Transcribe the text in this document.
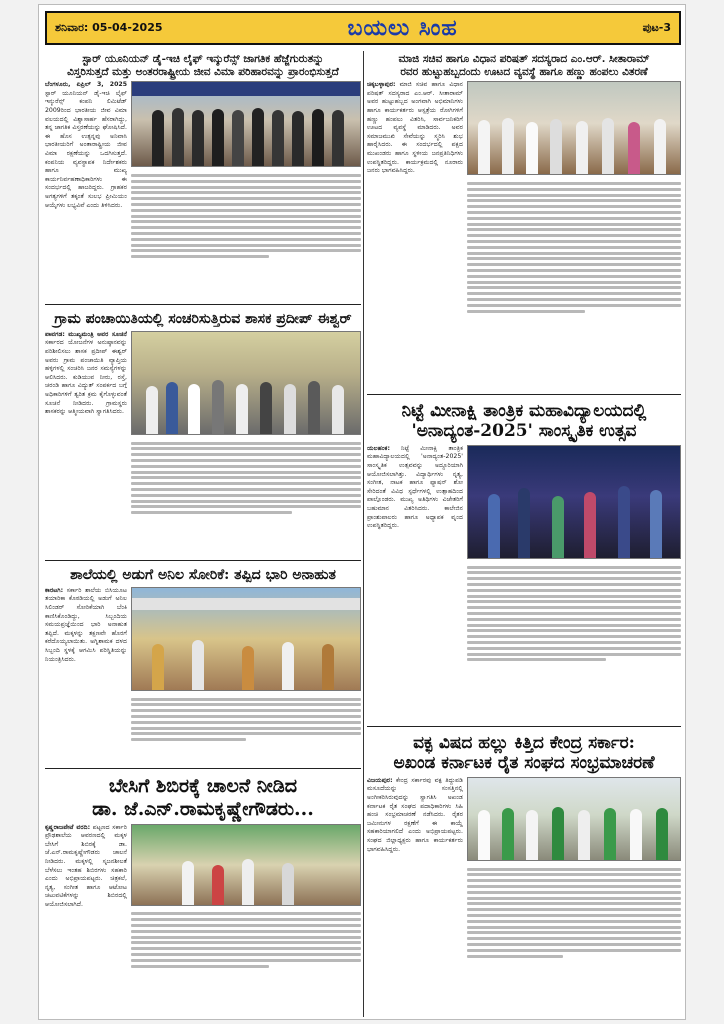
ಶನಿವಾರ: 05-04-2025	ಬಯಲು ಸಿಂಹ	ಪುಟ-3
ಸ್ಟಾರ್ ಯೂನಿಯನ್ ಡೈ-ಇಚಿ ಲೈಫ್ ಇನ್ಶುರೆನ್ಸ್ ಜಾಗತಿಕ ಹೆಜ್ಜೆಗುರುತನ್ನು
ವಿಸ್ತರಿಸುತ್ತದೆ ಮತ್ತು ಅಂತರರಾಷ್ಟ್ರೀಯ ಜೀವ ವಿಮಾ ಪರಿಹಾರವನ್ನು ಪ್ರಾರಂಭಿಸುತ್ತದೆ
ಬೆಂಗಳೂರು, ಏಪ್ರಿಲ್ 3, 2025 ಸ್ಟಾರ್ ಯೂನಿಯನ್ ಡೈ-ಇಚಿ ಲೈಫ್ ಇನ್ಶುರೆನ್ಸ್ ಕಂಪನಿ ಲಿಮಿಟೆಡ್ 2009ರಿಂದ ಭಾರತೀಯ ಜೀವ ವಿಮಾ ವಲಯದಲ್ಲಿ ವಿಶ್ವಾಸಾರ್ಹ ಹೆಸರಾಗಿದ್ದು, ತನ್ನ ಜಾಗತಿಕ ವಿಸ್ತರಣೆಯನ್ನು ಘೋಷಿಸಿದೆ. ಈ ಹೊಸ ಉತ್ಪನ್ನವು ಅನಿವಾಸಿ ಭಾರತೀಯರಿಗೆ ಅಂತಾರಾಷ್ಟ್ರೀಯ ಜೀವ ವಿಮಾ ರಕ್ಷಣೆಯನ್ನು ಒದಗಿಸುತ್ತದೆ. ಕಂಪನಿಯ ವ್ಯವಸ್ಥಾಪಕ ನಿರ್ದೇಶಕರು ಹಾಗೂ ಮುಖ್ಯ ಕಾರ್ಯನಿರ್ವಹಣಾಧಿಕಾರಿಗಳು ಈ ಸಂದರ್ಭದಲ್ಲಿ ಹಾಜರಿದ್ದರು. ಗ್ರಾಹಕರ ಅಗತ್ಯಗಳಿಗೆ ತಕ್ಕಂತೆ ಸುಲಭ ಪ್ರೀಮಿಯಂ ಆಯ್ಕೆಗಳು ಲಭ್ಯವಿವೆ ಎಂದು ತಿಳಿಸಿದರು.
ಗ್ರಾಮ ಪಂಚಾಯಿತಿಯಲ್ಲಿ ಸಂಚರಿಸುತ್ತಿರುವ ಶಾಸಕ ಪ್ರದೀಪ್ ಈಶ್ವರ್
ಪಾವಗಡ: ಮುಖ್ಯಮಂತ್ರಿ ಅವರ ಸೂಚನೆ ಸರ್ಕಾರದ ಯೋಜನೆಗಳ ಅನುಷ್ಠಾನವನ್ನು ಪರಿಶೀಲಿಸಲು ಶಾಸಕ ಪ್ರದೀಪ್ ಈಶ್ವರ್ ಅವರು ಗ್ರಾಮ ಪಂಚಾಯಿತಿ ವ್ಯಾಪ್ತಿಯ ಹಳ್ಳಿಗಳಲ್ಲಿ ಸಂಚರಿಸಿ ಜನರ ಸಮಸ್ಯೆಗಳನ್ನು ಆಲಿಸಿದರು. ಕುಡಿಯುವ ನೀರು, ರಸ್ತೆ, ಚರಂಡಿ ಹಾಗೂ ವಿದ್ಯುತ್ ಸಂಪರ್ಕದ ಬಗ್ಗೆ ಅಧಿಕಾರಿಗಳಿಗೆ ತ್ವರಿತ ಕ್ರಮ ಕೈಗೊಳ್ಳುವಂತೆ ಸೂಚನೆ ನೀಡಿದರು. ಗ್ರಾಮಸ್ಥರು ಶಾಸಕರನ್ನು ಆತ್ಮೀಯವಾಗಿ ಸ್ವಾಗತಿಸಿದರು.
ಶಾಲೆಯಲ್ಲಿ ಅಡುಗೆ ಅನಿಲ ಸೋರಿಕೆ: ತಪ್ಪಿದ ಭಾರಿ ಅನಾಹುತ
ಕಾರಟಗಿ: ಸರ್ಕಾರಿ ಶಾಲೆಯ ಬಿಸಿಯೂಟ ತಯಾರಿಕಾ ಕೊಠಡಿಯಲ್ಲಿ ಅಡುಗೆ ಅನಿಲ ಸಿಲಿಂಡರ್ ಸೋರಿಕೆಯಾಗಿ ಬೆಂಕಿ ಕಾಣಿಸಿಕೊಂಡಿದ್ದು, ಸಿಬ್ಬಂದಿಯ ಸಮಯಪ್ರಜ್ಞೆಯಿಂದ ಭಾರಿ ಅನಾಹುತ ತಪ್ಪಿದೆ. ಮಕ್ಕಳನ್ನು ತಕ್ಷಣವೇ ಹೊರಗೆ ಕರೆದೊಯ್ಯಲಾಯಿತು. ಅಗ್ನಿಶಾಮಕ ದಳದ ಸಿಬ್ಬಂದಿ ಸ್ಥಳಕ್ಕೆ ಆಗಮಿಸಿ ಪರಿಸ್ಥಿತಿಯನ್ನು ನಿಯಂತ್ರಿಸಿದರು.
ಬೇಸಿಗೆ ಶಿಬಿರಕ್ಕೆ ಚಾಲನೆ ನೀಡಿದ
ಡಾ. ಜೆ.ಎನ್.ರಾಮಕೃಷ್ಣೇಗೌಡರು...
ಕೃಷ್ಣರಾಜಪೇಟೆ ವರದಿ: ಪಟ್ಟಣದ ಸರ್ಕಾರಿ ಪ್ರೌಢಶಾಲೆಯ ಆವರಣದಲ್ಲಿ ಮಕ್ಕಳ ಬೇಸಿಗೆ ಶಿಬಿರಕ್ಕೆ ಡಾ. ಜೆ.ಎನ್.ರಾಮಕೃಷ್ಣೇಗೌಡರು ಚಾಲನೆ ನೀಡಿದರು. ಮಕ್ಕಳಲ್ಲಿ ಸೃಜನಶೀಲತೆ ಬೆಳೆಸಲು ಇಂತಹ ಶಿಬಿರಗಳು ಸಹಕಾರಿ ಎಂದು ಅಭಿಪ್ರಾಯಪಟ್ಟರು. ಚಿತ್ರಕಲೆ, ನೃತ್ಯ, ಸಂಗೀತ ಹಾಗೂ ಆಟೋಟ ಚಟುವಟಿಕೆಗಳನ್ನು ಶಿಬಿರದಲ್ಲಿ ಆಯೋಜಿಸಲಾಗಿದೆ.
ಮಾಜಿ ಸಚಿವ ಹಾಗೂ ವಿಧಾನ ಪರಿಷತ್ ಸದಸ್ಯರಾದ ಎಂ.ಆರ್. ಸೀತಾರಾಮ್
ರವರ ಹುಟ್ಟುಹಬ್ಬದಂದು ಊಟದ ವ್ಯವಸ್ಥೆ ಹಾಗೂ ಹಣ್ಣು ಹಂಪಲು ವಿತರಣೆ
ಚಿಕ್ಕಬಳ್ಳಾಪುರ: ಮಾಜಿ ಸಚಿವ ಹಾಗೂ ವಿಧಾನ ಪರಿಷತ್ ಸದಸ್ಯರಾದ ಎಂ.ಆರ್. ಸೀತಾರಾಮ್ ಅವರ ಹುಟ್ಟುಹಬ್ಬದ ಅಂಗವಾಗಿ ಅಭಿಮಾನಿಗಳು ಹಾಗೂ ಕಾರ್ಯಕರ್ತರು ಆಸ್ಪತ್ರೆಯ ರೋಗಿಗಳಿಗೆ ಹಣ್ಣು ಹಂಪಲು ವಿತರಿಸಿ, ಸಾರ್ವಜನಿಕರಿಗೆ ಊಟದ ವ್ಯವಸ್ಥೆ ಮಾಡಿದರು. ಅವರ ಸಮಾಜಮುಖಿ ಸೇವೆಯನ್ನು ಸ್ಮರಿಸಿ ಶುಭ ಹಾರೈಸಿದರು. ಈ ಸಂದರ್ಭದಲ್ಲಿ ಪಕ್ಷದ ಮುಖಂಡರು ಹಾಗೂ ಸ್ಥಳೀಯ ಜನಪ್ರತಿನಿಧಿಗಳು ಉಪಸ್ಥಿತರಿದ್ದರು. ಕಾರ್ಯಕ್ರಮದಲ್ಲಿ ನೂರಾರು ಜನರು ಭಾಗವಹಿಸಿದ್ದರು.
ನಿಟ್ಟೆ ಮೀನಾಕ್ಷಿ ತಾಂತ್ರಿಕ ಮಹಾವಿದ್ಯಾಲಯದಲ್ಲಿ
'ಅನಾದ್ಯಂತ-2025' ಸಾಂಸ್ಕೃತಿಕ ಉತ್ಸವ
ಯಲಹಂಕ: ನಿಟ್ಟೆ ಮೀನಾಕ್ಷಿ ತಾಂತ್ರಿಕ ಮಹಾವಿದ್ಯಾಲಯದಲ್ಲಿ 'ಅನಾದ್ಯಂತ-2025' ಸಾಂಸ್ಕೃತಿಕ ಉತ್ಸವವನ್ನು ಅದ್ದೂರಿಯಾಗಿ ಆಯೋಜಿಸಲಾಗಿತ್ತು. ವಿದ್ಯಾರ್ಥಿಗಳು ನೃತ್ಯ, ಸಂಗೀತ, ನಾಟಕ ಹಾಗೂ ಫ್ಯಾಷನ್ ಶೋ ಸೇರಿದಂತೆ ವಿವಿಧ ಸ್ಪರ್ಧೆಗಳಲ್ಲಿ ಉತ್ಸಾಹದಿಂದ ಪಾಲ್ಗೊಂಡರು. ಮುಖ್ಯ ಅತಿಥಿಗಳು ವಿಜೇತರಿಗೆ ಬಹುಮಾನ ವಿತರಿಸಿದರು. ಕಾಲೇಜಿನ ಪ್ರಾಂಶುಪಾಲರು ಹಾಗೂ ಅಧ್ಯಾಪಕ ವೃಂದ ಉಪಸ್ಥಿತರಿದ್ದರು.
ವಕ್ಫ ವಿಷದ ಹಲ್ಲು ಕಿತ್ತಿದ ಕೇಂದ್ರ ಸರ್ಕಾರ:
ಅಖಂಡ ಕರ್ನಾಟಕ ರೈತ ಸಂಘದ ಸಂಭ್ರಮಾಚರಣೆ
ವಿಜಯಪುರ: ಕೇಂದ್ರ ಸರ್ಕಾರವು ವಕ್ಫ ತಿದ್ದುಪಡಿ ಮಸೂದೆಯನ್ನು ಸಂಸತ್ತಿನಲ್ಲಿ ಅಂಗೀಕರಿಸಿರುವುದನ್ನು ಸ್ವಾಗತಿಸಿ ಅಖಂಡ ಕರ್ನಾಟಕ ರೈತ ಸಂಘದ ಪದಾಧಿಕಾರಿಗಳು ಸಿಹಿ ಹಂಚಿ ಸಂಭ್ರಮಾಚರಣೆ ನಡೆಸಿದರು. ರೈತರ ಜಮೀನುಗಳ ರಕ್ಷಣೆಗೆ ಈ ಕಾಯ್ದೆ ಸಹಕಾರಿಯಾಗಲಿದೆ ಎಂದು ಅಭಿಪ್ರಾಯಪಟ್ಟರು. ಸಂಘದ ಜಿಲ್ಲಾಧ್ಯಕ್ಷರು ಹಾಗೂ ಕಾರ್ಯಕರ್ತರು ಭಾಗವಹಿಸಿದ್ದರು.
